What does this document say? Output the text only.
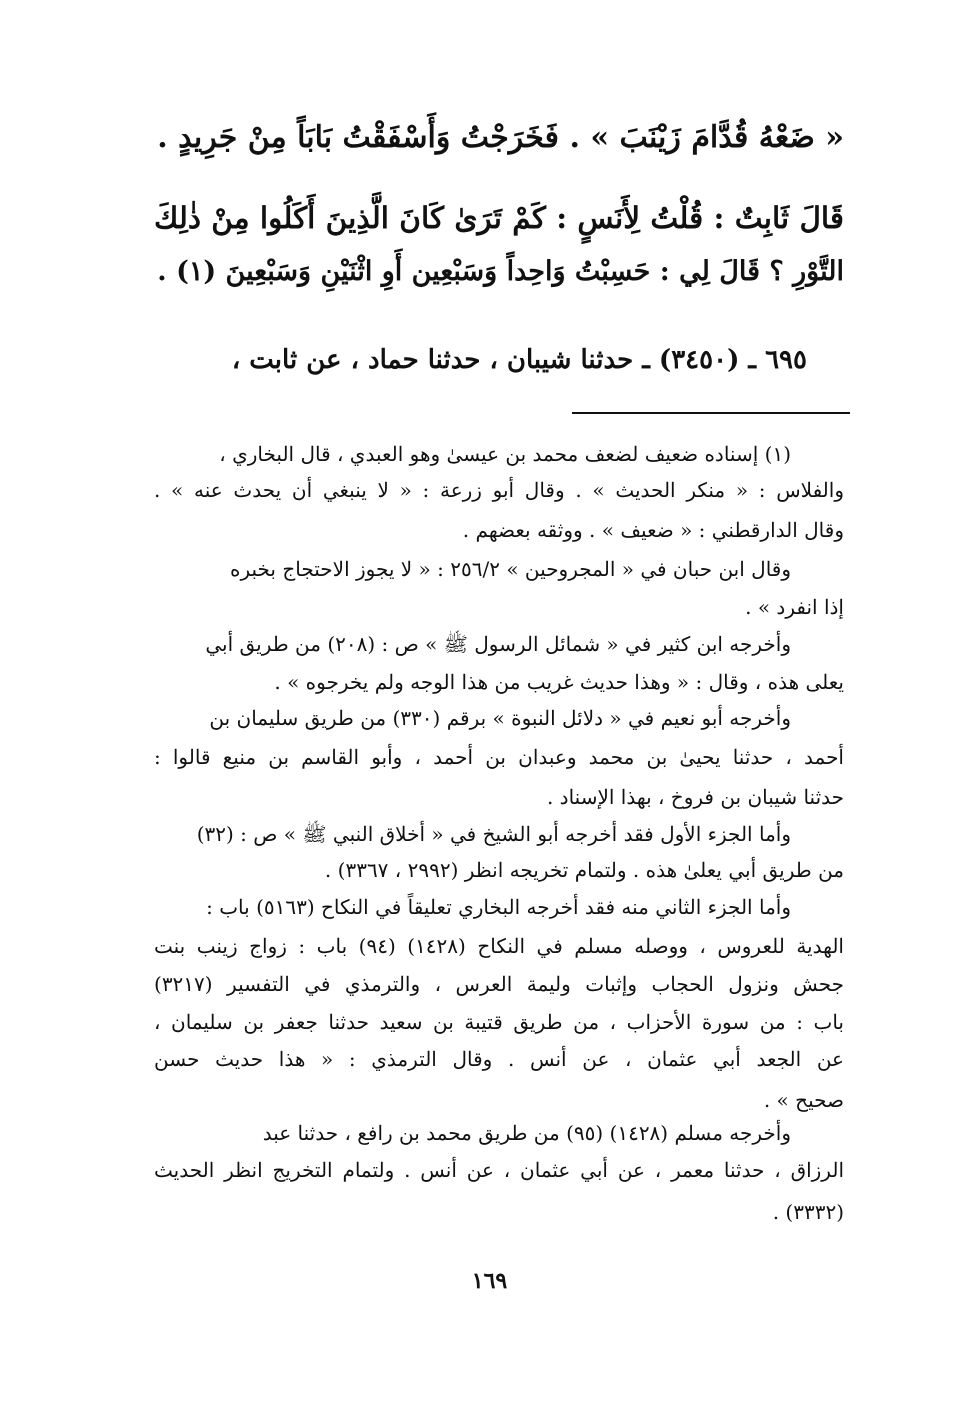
« ضَعْهُ قُدَّامَ زَيْنَبَ » . فَخَرَجْتُ وَأَسْفَقْتُ بَابَاً مِنْ جَرِيدٍ .

قَالَ ثَابِتٌ : قُلْتُ لِأَنَسٍ : كَمْ تَرَىٰ كَانَ الَّذِينَ أَكَلُوا مِنْ ذٰلِكَ

التَّوْرِ ؟ قَالَ لِي : حَسِبْتُ وَاحِداً وَسَبْعِين أَوِ اثْنَيْنِ وَسَبْعِينَ (١) .

٦٩٥ ـ (٣٤٥٠) ـ حدثنا شيبان ، حدثنا حماد ، عن ثابت ،

(١) إسناده ضعيف لضعف محمد بن عيسىٰ وهو العبدي ، قال البخاري ،

والفلاس : « منكر الحديث » . وقال أبو زرعة : « لا ينبغي أن يحدث عنه » .

وقال الدارقطني : « ضعيف » . ووثقه بعضهم .

وقال ابن حبان في « المجروحين » ٢٥٦/٢ : « لا يجوز الاحتجاج بخبره

إذا انفرد » .

وأخرجه ابن كثير في « شمائل الرسول ﷺ » ص : (٢٠٨) من طريق أبي

يعلى هذه ، وقال : « وهذا حديث غريب من هذا الوجه ولم يخرجوه » .

وأخرجه أبو نعيم في « دلائل النبوة » برقم (٣٣٠) من طريق سليمان بن

أحمد ، حدثنا يحيىٰ بن محمد وعبدان بن أحمد ، وأبو القاسم بن منيع قالوا :

حدثنا شيبان بن فروخ ، بهذا الإسناد .

وأما الجزء الأول فقد أخرجه أبو الشيخ في « أخلاق النبي ﷺ » ص : (٣٢)

من طريق أبي يعلىٰ هذه . ولتمام تخريجه انظر (٢٩٩٢ ، ٣٣٦٧) .

وأما الجزء الثاني منه فقد أخرجه البخاري تعليقاً في النكاح (٥١٦٣) باب :

الهدية للعروس ، ووصله مسلم في النكاح (١٤٢٨) (٩٤) باب : زواج زينب بنت

جحش ونزول الحجاب وإثبات وليمة العرس ، والترمذي في التفسير (٣٢١٧)

باب : من سورة الأحزاب ، من طريق قتيبة بن سعيد حدثنا جعفر بن سليمان ،

عن الجعد أبي عثمان ، عن أنس . وقال الترمذي : « هذا حديث حسن

صحيح » .

وأخرجه مسلم (١٤٢٨) (٩٥) من طريق محمد بن رافع ، حدثنا عبد

الرزاق ، حدثنا معمر ، عن أبي عثمان ، عن أنس . ولتمام التخريج انظر الحديث

(٣٣٣٢) .

١٦٩
